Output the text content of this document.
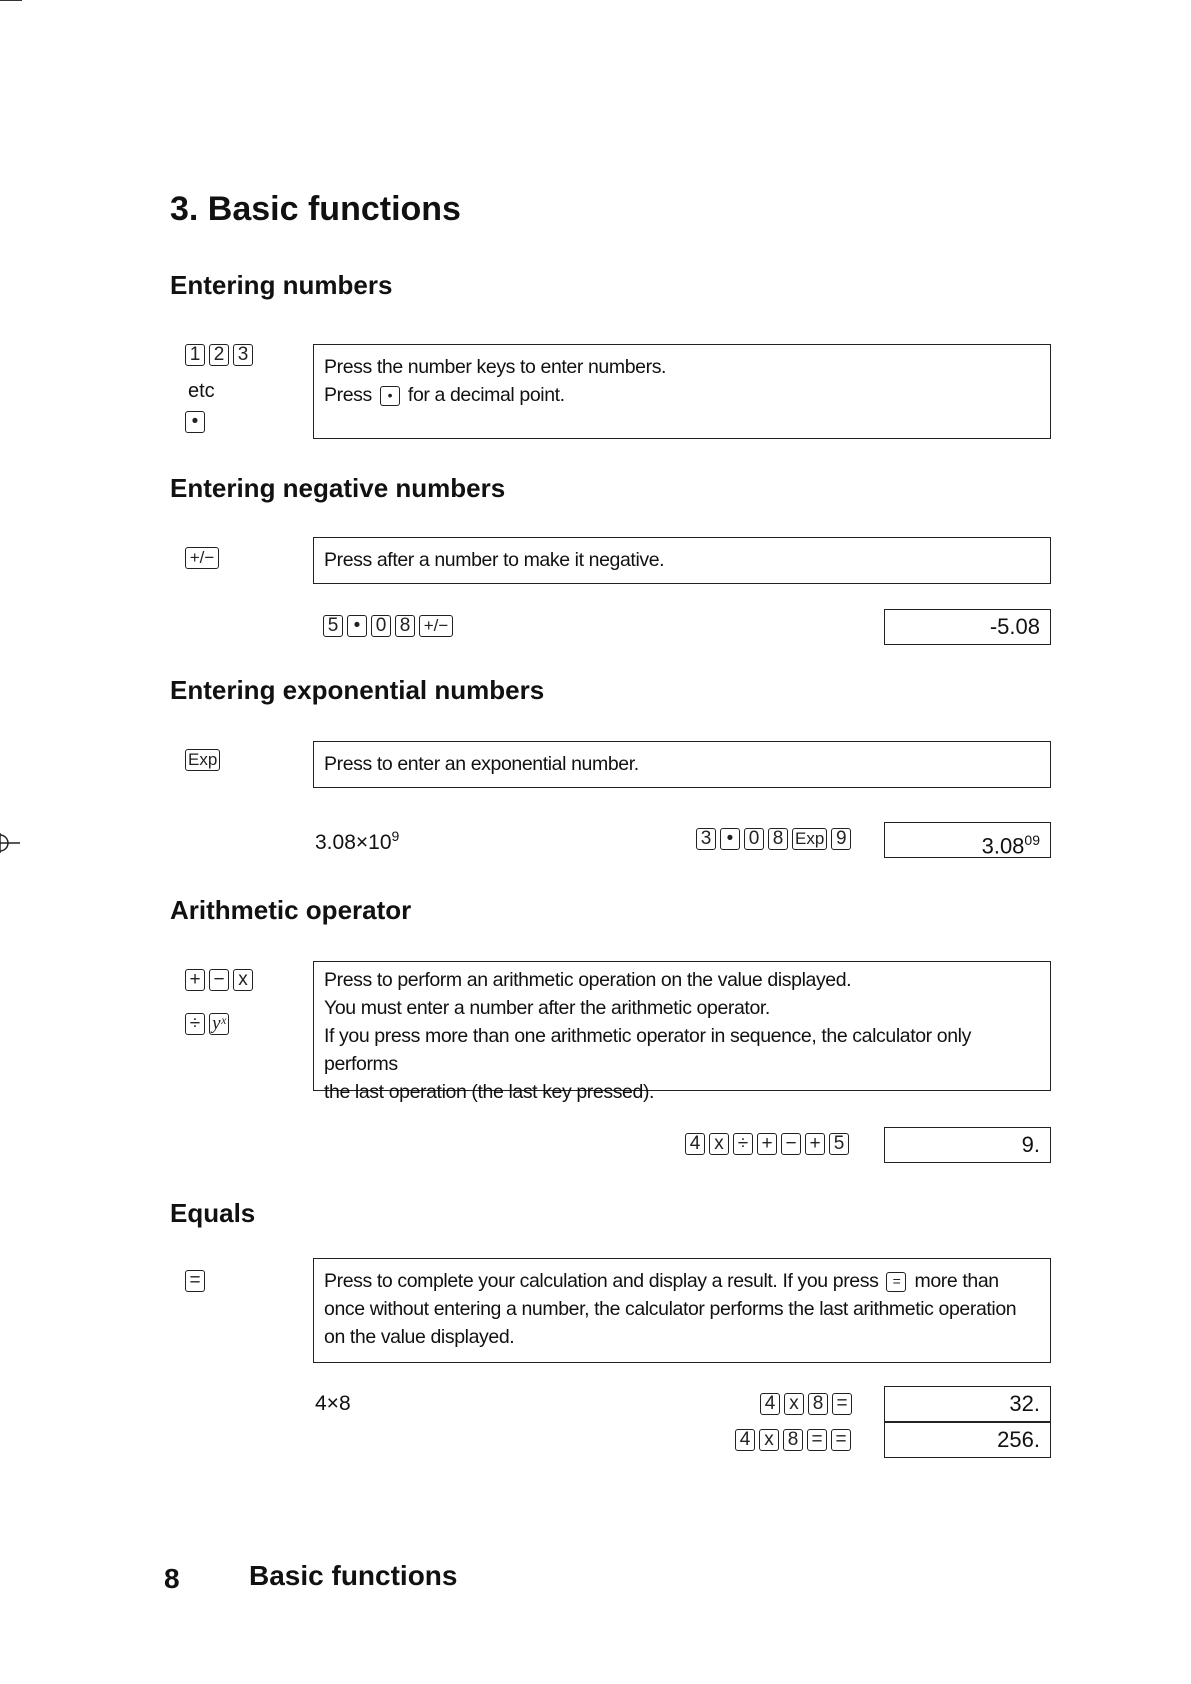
3. Basic functions
Entering numbers
1 2 3
etc
•

Press the number keys to enter numbers.

Press • for a decimal point.

Entering negative numbers
+/−	Press after a number to make it negative.

5 • 0 8 +/−	-5.08
Entering exponential numbers
Exp	Press to enter an exponential number.

$3.08\times 10^9$	3 • 0 8 Exp 9	3.08$^{09}$
Arithmetic operator
+ − x
÷ yˣ

Press to perform an arithmetic operation on the value displayed.

You must enter a number after the arithmetic operator.

If you press more than one arithmetic operator in sequence, the calculator only performs

the last operation (the last key pressed).

4 x ÷ + − + 5	9.
Equals
=	Press to complete your calculation and display a result. If you press = more than once without entering a number, the calculator performs the last arithmetic operation on the value displayed.

4×8	4 x 8 =	32.
4 x 8 = =	256.
8 Basic functions
